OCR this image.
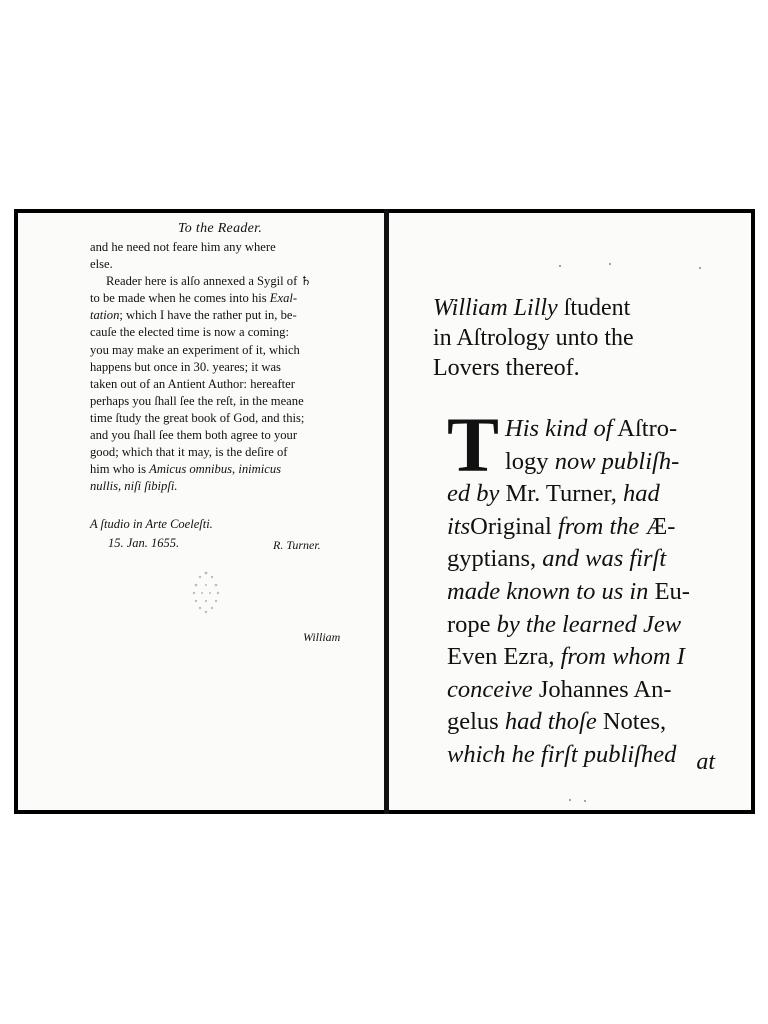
To the Reader.
and he need not feare him any where
else.
Reader here is alſo annexed a Sygil of ♄
to be made when he comes into his Exal-
tation; which I have the rather put in, be-
cauſe the elected time is now a coming:
you may make an experiment of it, which
happens but once in 30. yeares; it was
taken out of an Antient Author: hereafter
perhaps you ſhall ſee the reſt, in the meane
time ſtudy the great book of God, and this;
and you ſhall ſee them both agree to your
good; which that it may, is the deſire of
him who is Amicus omnibus, inimicus
nullis, niſi ſibipſi.
A ſtudio in Arte Coeleſti.
15. Jan. 1655.	R. Turner.
William
William Lilly ſtudent
in Aſtrology unto the
Lovers thereof.
T His kind of Aſtro-
logy now publiſh-
ed by Mr. Turner, had
itsOriginal from the Æ-
gyptians, and was firſt
made known to us in Eu-
rope by the learned Jew
Even Ezra, from whom I
conceive Johannes An-
gelus had thoſe Notes,
which he firſt publiſhed at
